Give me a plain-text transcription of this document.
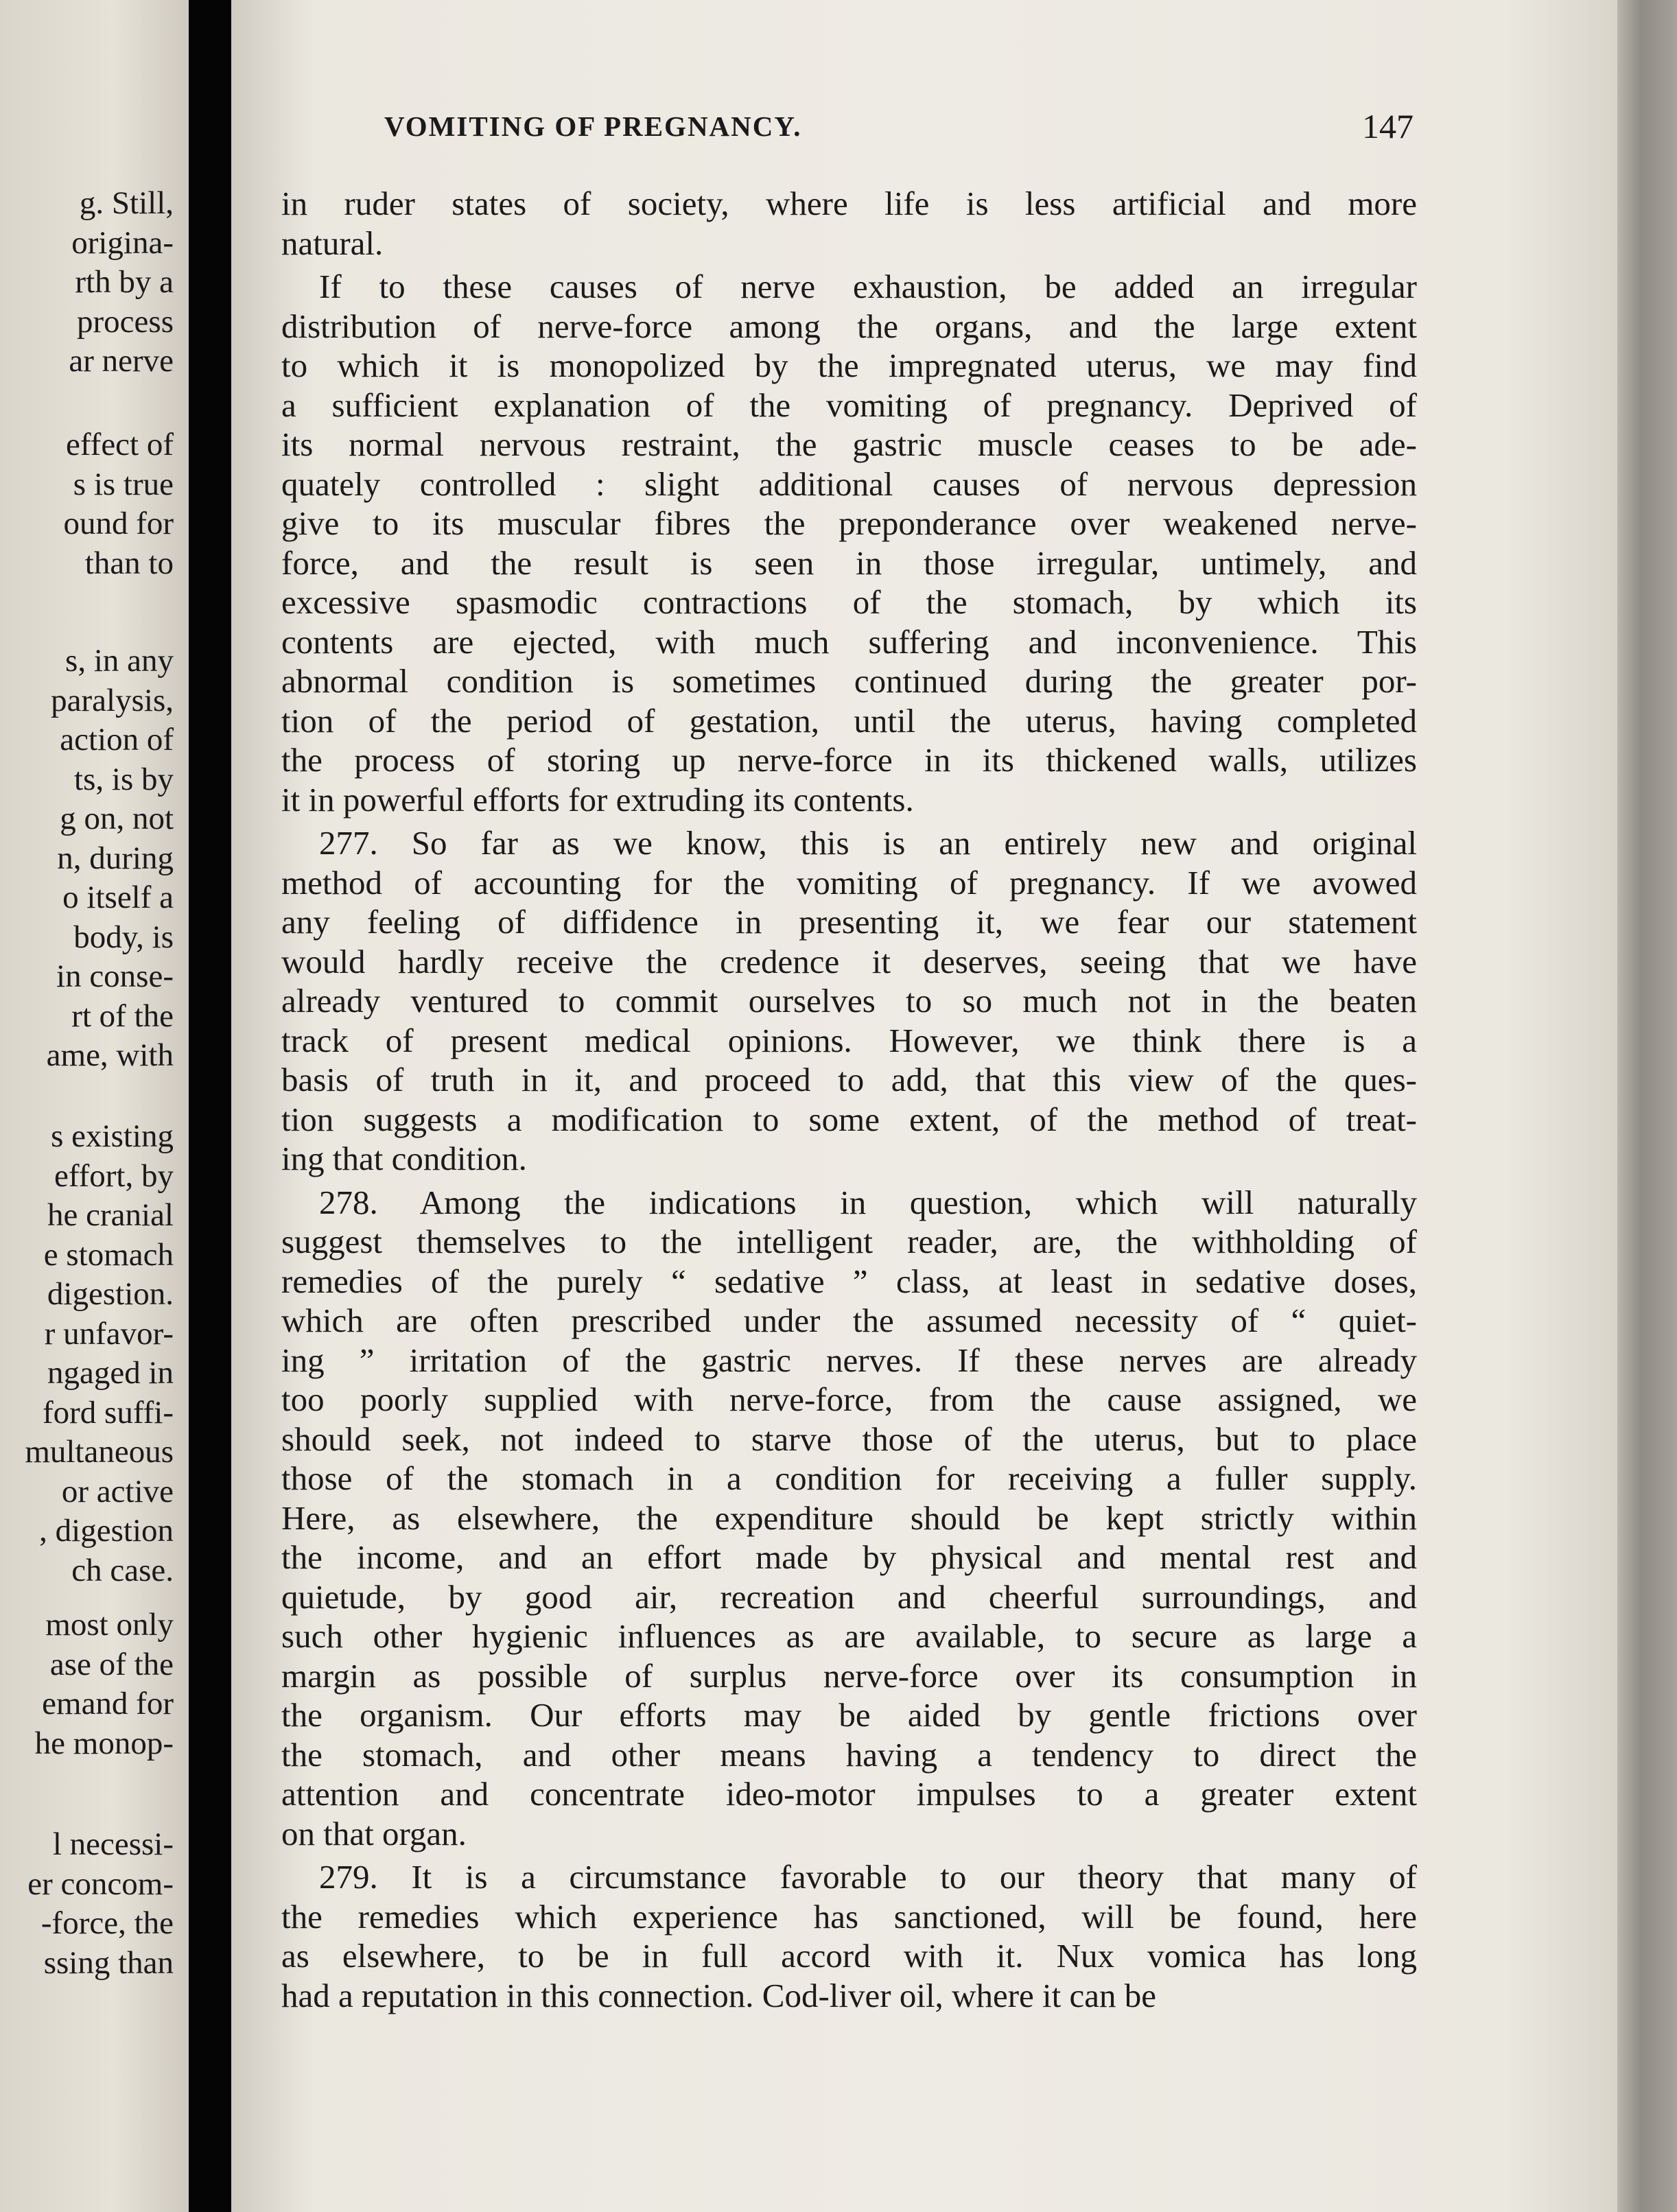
g. Still,

origina-

rth by a

process

ar nerve

effect of

s is true

ound for

than to

s, in any

paralysis,

action of

ts, is by

g on, not

n, during

o itself a

body, is

in conse-

rt of the

ame, with

s existing

effort, by

he cranial

e stomach

digestion.

r unfavor-

ngaged in

ford suffi-

multaneous

or active

, digestion

ch case.

most only

ase of the

emand for

he monop-

l necessi-

er concom-

-force, the

ssing than

VOMITING OF PREGNANCY.	147

in ruder states of society, where life is less artificial and more

natural.

If to these causes of nerve exhaustion, be added an irregular

distribution of nerve-force among the organs, and the large extent

to which it is monopolized by the impregnated uterus, we may find

a sufficient explanation of the vomiting of pregnancy. Deprived of

its normal nervous restraint, the gastric muscle ceases to be ade-

quately controlled : slight additional causes of nervous depression

give to its muscular fibres the preponderance over weakened nerve-

force, and the result is seen in those irregular, untimely, and

excessive spasmodic contractions of the stomach, by which its

contents are ejected, with much suffering and inconvenience. This

abnormal condition is sometimes continued during the greater por-

tion of the period of gestation, until the uterus, having completed

the process of storing up nerve-force in its thickened walls, utilizes

it in powerful efforts for extruding its contents.

277. So far as we know, this is an entirely new and original

method of accounting for the vomiting of pregnancy. If we avowed

any feeling of diffidence in presenting it, we fear our statement

would hardly receive the credence it deserves, seeing that we have

already ventured to commit ourselves to so much not in the beaten

track of present medical opinions. However, we think there is a

basis of truth in it, and proceed to add, that this view of the ques-

tion suggests a modification to some extent, of the method of treat-

ing that condition.

278. Among the indications in question, which will naturally

suggest themselves to the intelligent reader, are, the withholding of

remedies of the purely “ sedative ” class, at least in sedative doses,

which are often prescribed under the assumed necessity of “ quiet-

ing ” irritation of the gastric nerves. If these nerves are already

too poorly supplied with nerve-force, from the cause assigned, we

should seek, not indeed to starve those of the uterus, but to place

those of the stomach in a condition for receiving a fuller supply.

Here, as elsewhere, the expenditure should be kept strictly within

the income, and an effort made by physical and mental rest and

quietude, by good air, recreation and cheerful surroundings, and

such other hygienic influences as are available, to secure as large a

margin as possible of surplus nerve-force over its consumption in

the organism. Our efforts may be aided by gentle frictions over

the stomach, and other means having a tendency to direct the

attention and concentrate ideo-motor impulses to a greater extent

on that organ.

279. It is a circumstance favorable to our theory that many of

the remedies which experience has sanctioned, will be found, here

as elsewhere, to be in full accord with it. Nux vomica has long

had a reputation in this connection. Cod-liver oil, where it can be
